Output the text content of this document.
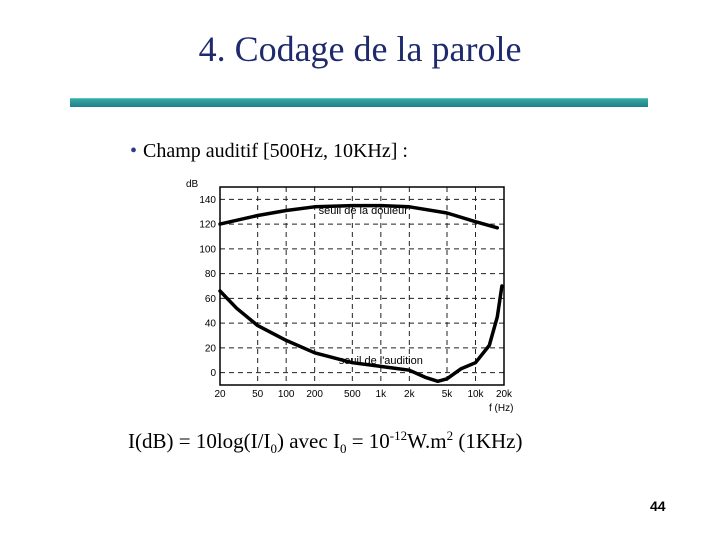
4. Codage de la parole
• Champ auditif [500Hz, 10KHz] :
dB
0
20
40
60
80
100
120
140
20	50 100 200 500 1k 2k	5k 10k 20k
seuil de la douleur
seuil de l'audition
f (Hz)
$I(dB) = 10\log(I/I_0)$ avec $I_0 = 10^{-12}W.m^2$ (1KHz)
44
